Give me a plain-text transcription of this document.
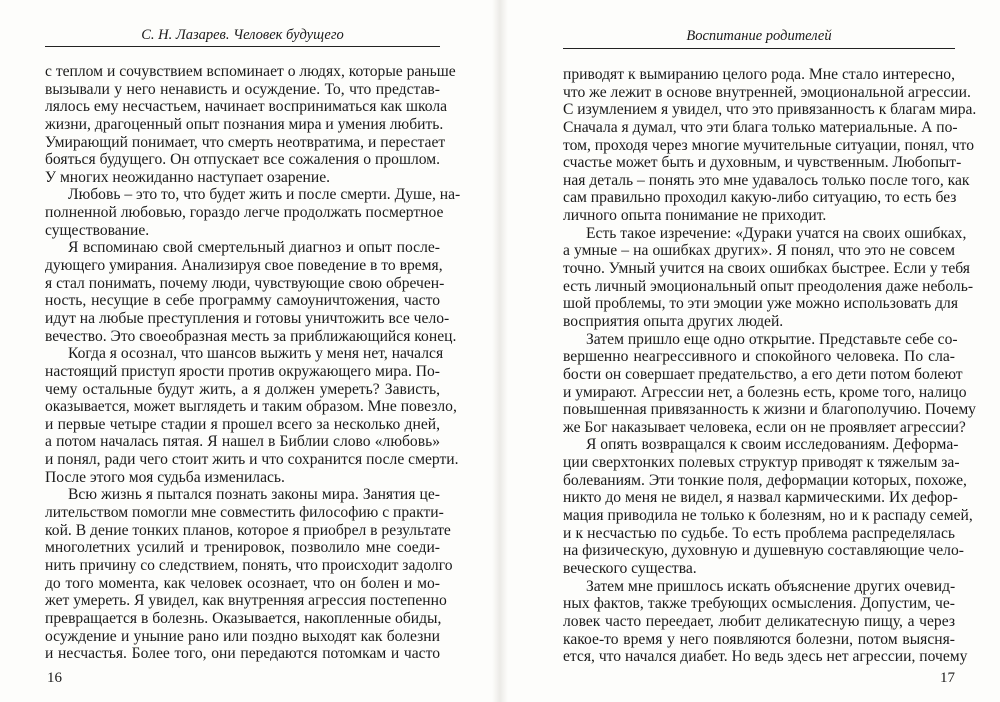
С. Н. Лазарев. Человек будущего
с теплом и сочувствием вспоминает о людях, которые раньше
вызывали у него ненависть и осуждение. То, что представ-
лялось ему несчастьем, начинает восприниматься как школа
жизни, драгоценный опыт познания мира и умения любить.
Умирающий понимает, что смерть неотвратима, и перестает
бояться будущего. Он отпускает все сожаления о прошлом.
У многих неожиданно наступает озарение.
Любовь – это то, что будет жить и после смерти. Душе, на-
полненной любовью, гораздо легче продолжать посмертное
существование.
Я вспоминаю свой смертельный диагноз и опыт после-
дующего умирания. Анализируя свое поведение в то время,
я стал понимать, почему люди, чувствующие свою обречен-
ность, несущие в себе программу самоуничтожения, часто
идут на любые преступления и готовы уничтожить все чело-
вечество. Это своеобразная месть за приближающийся конец.
Когда я осознал, что шансов выжить у меня нет, начался
настоящий приступ ярости против окружающего мира. По-
чему остальные будут жить, а я должен умереть? Зависть,
оказывается, может выглядеть и таким образом. Мне повезло,
и первые четыре стадии я прошел всего за несколько дней,
а потом началась пятая. Я нашел в Библии слово «любовь»
и понял, ради чего стоит жить и что сохранится после смерти.
После этого моя судьба изменилась.
Всю жизнь я пытался познать законы мира. Занятия це-
лительством помогли мне совместить философию с практи-
кой. В дение тонких планов, которое я приобрел в результате
многолетних усилий и тренировок, позволило мне соеди-
нить причину со следствием, понять, что происходит задолго
до того момента, как человек осознает, что он болен и мо-
жет умереть. Я увидел, как внутренняя агрессия постепенно
превращается в болезнь. Оказывается, накопленные обиды,
осуждение и уныние рано или поздно выходят как болезни
и несчастья. Более того, они передаются потомкам и часто
16
Воспитание родителей
приводят к вымиранию целого рода. Мне стало интересно,
что же лежит в основе внутренней, эмоциональной агрессии.
С изумлением я увидел, что это привязанность к благам мира.
Сначала я думал, что эти блага только материальные. А по-
том, проходя через многие мучительные ситуации, понял, что
счастье может быть и духовным, и чувственным. Любопыт-
ная деталь – понять это мне удавалось только после того, как
сам правильно проходил какую-либо ситуацию, то есть без
личного опыта понимание не приходит.
Есть такое изречение: «Дураки учатся на своих ошибках,
а умные – на ошибках других». Я понял, что это не совсем
точно. Умный учится на своих ошибках быстрее. Если у тебя
есть личный эмоциональный опыт преодоления даже неболь-
шой проблемы, то эти эмоции уже можно использовать для
восприятия опыта других людей.
Затем пришло еще одно открытие. Представьте себе со-
вершенно неагрессивного и спокойного человека. По сла-
бости он совершает предательство, а его дети потом болеют
и умирают. Агрессии нет, а болезнь есть, кроме того, налицо
повышенная привязанность к жизни и благополучию. Почему
же Бог наказывает человека, если он не проявляет агрессии?
Я опять возвращался к своим исследованиям. Деформа-
ции сверхтонких полевых структур приводят к тяжелым за-
болеваниям. Эти тонкие поля, деформации которых, похоже,
никто до меня не видел, я назвал кармическими. Их дефор-
мация приводила не только к болезням, но и к распаду семей,
и к несчастью по судьбе. То есть проблема распределялась
на физическую, духовную и душевную составляющие чело-
веческого существа.
Затем мне пришлось искать объяснение других очевид-
ных фактов, также требующих осмысления. Допустим, че-
ловек часто переедает, любит деликатесную пищу, а через
какое-то время у него появляются болезни, потом выясня-
ется, что начался диабет. Но ведь здесь нет агрессии, почему
17
